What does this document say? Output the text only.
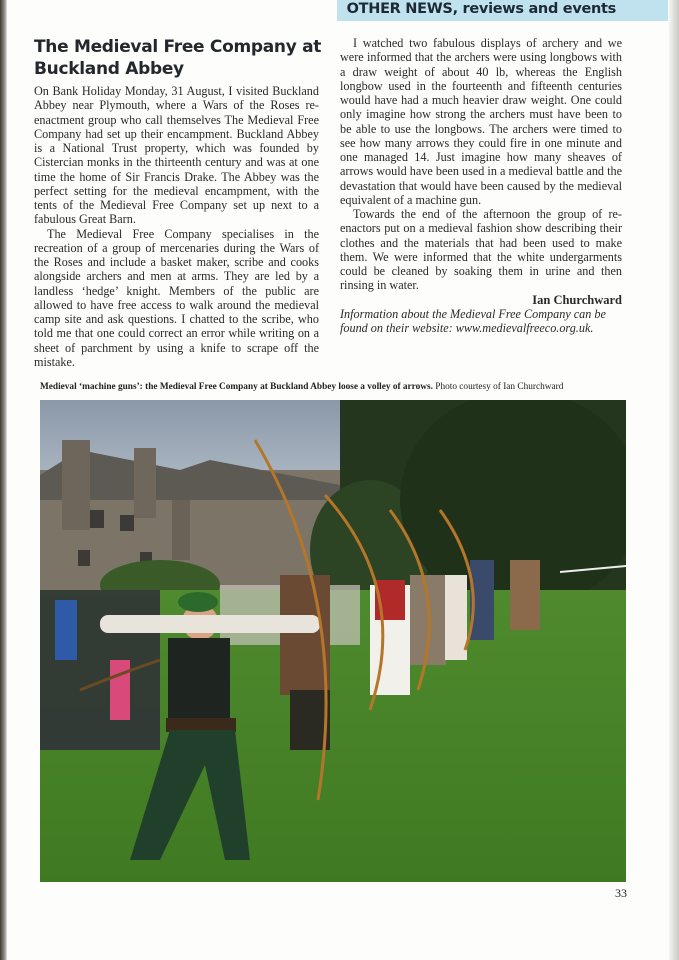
OTHER NEWS, reviews and events
The Medieval Free Company at Buckland Abbey

On Bank Holiday Monday, 31 August, I visited Buckland Abbey near Plymouth, where a Wars of the Roses re-enactment group who call themselves The Medieval Free Company had set up their encampment. Buckland Abbey is a National Trust property, which was founded by Cistercian monks in the thirteenth century and was at one time the home of Sir Francis Drake. The Abbey was the perfect setting for the medieval encampment, with the tents of the Medieval Free Company set up next to a fabulous Great Barn.

The Medieval Free Company specialises in the recreation of a group of mercenaries during the Wars of the Roses and include a basket maker, scribe and cooks alongside archers and men at arms. They are led by a landless ‘hedge’ knight. Members of the public are allowed to have free access to walk around the medieval camp site and ask questions. I chatted to the scribe, who told me that one could correct an error while writing on a sheet of parchment by using a knife to scrape off the mistake.

I watched two fabulous displays of archery and we were informed that the archers were using longbows with a draw weight of about 40 lb, whereas the English longbow used in the fourteenth and fifteenth centuries would have had a much heavier draw weight. One could only imagine how strong the archers must have been to be able to use the longbows. The archers were timed to see how many arrows they could fire in one minute and one managed 14. Just imagine how many sheaves of arrows would have been used in a medieval battle and the devastation that would have been caused by the medieval equivalent of a machine gun.

Towards the end of the afternoon the group of re-enactors put on a medieval fashion show describing their clothes and the materials that had been used to make them. We were informed that the white undergarments could be cleaned by soaking them in urine and then rinsing in water.

Ian Churchward

Information about the Medieval Free Company can be found on their website: www.medievalfreeco.org.uk.

Medieval ‘machine guns’: the Medieval Free Company at Buckland Abbey loose a volley of arrows. Photo courtesy of Ian Churchward
33
